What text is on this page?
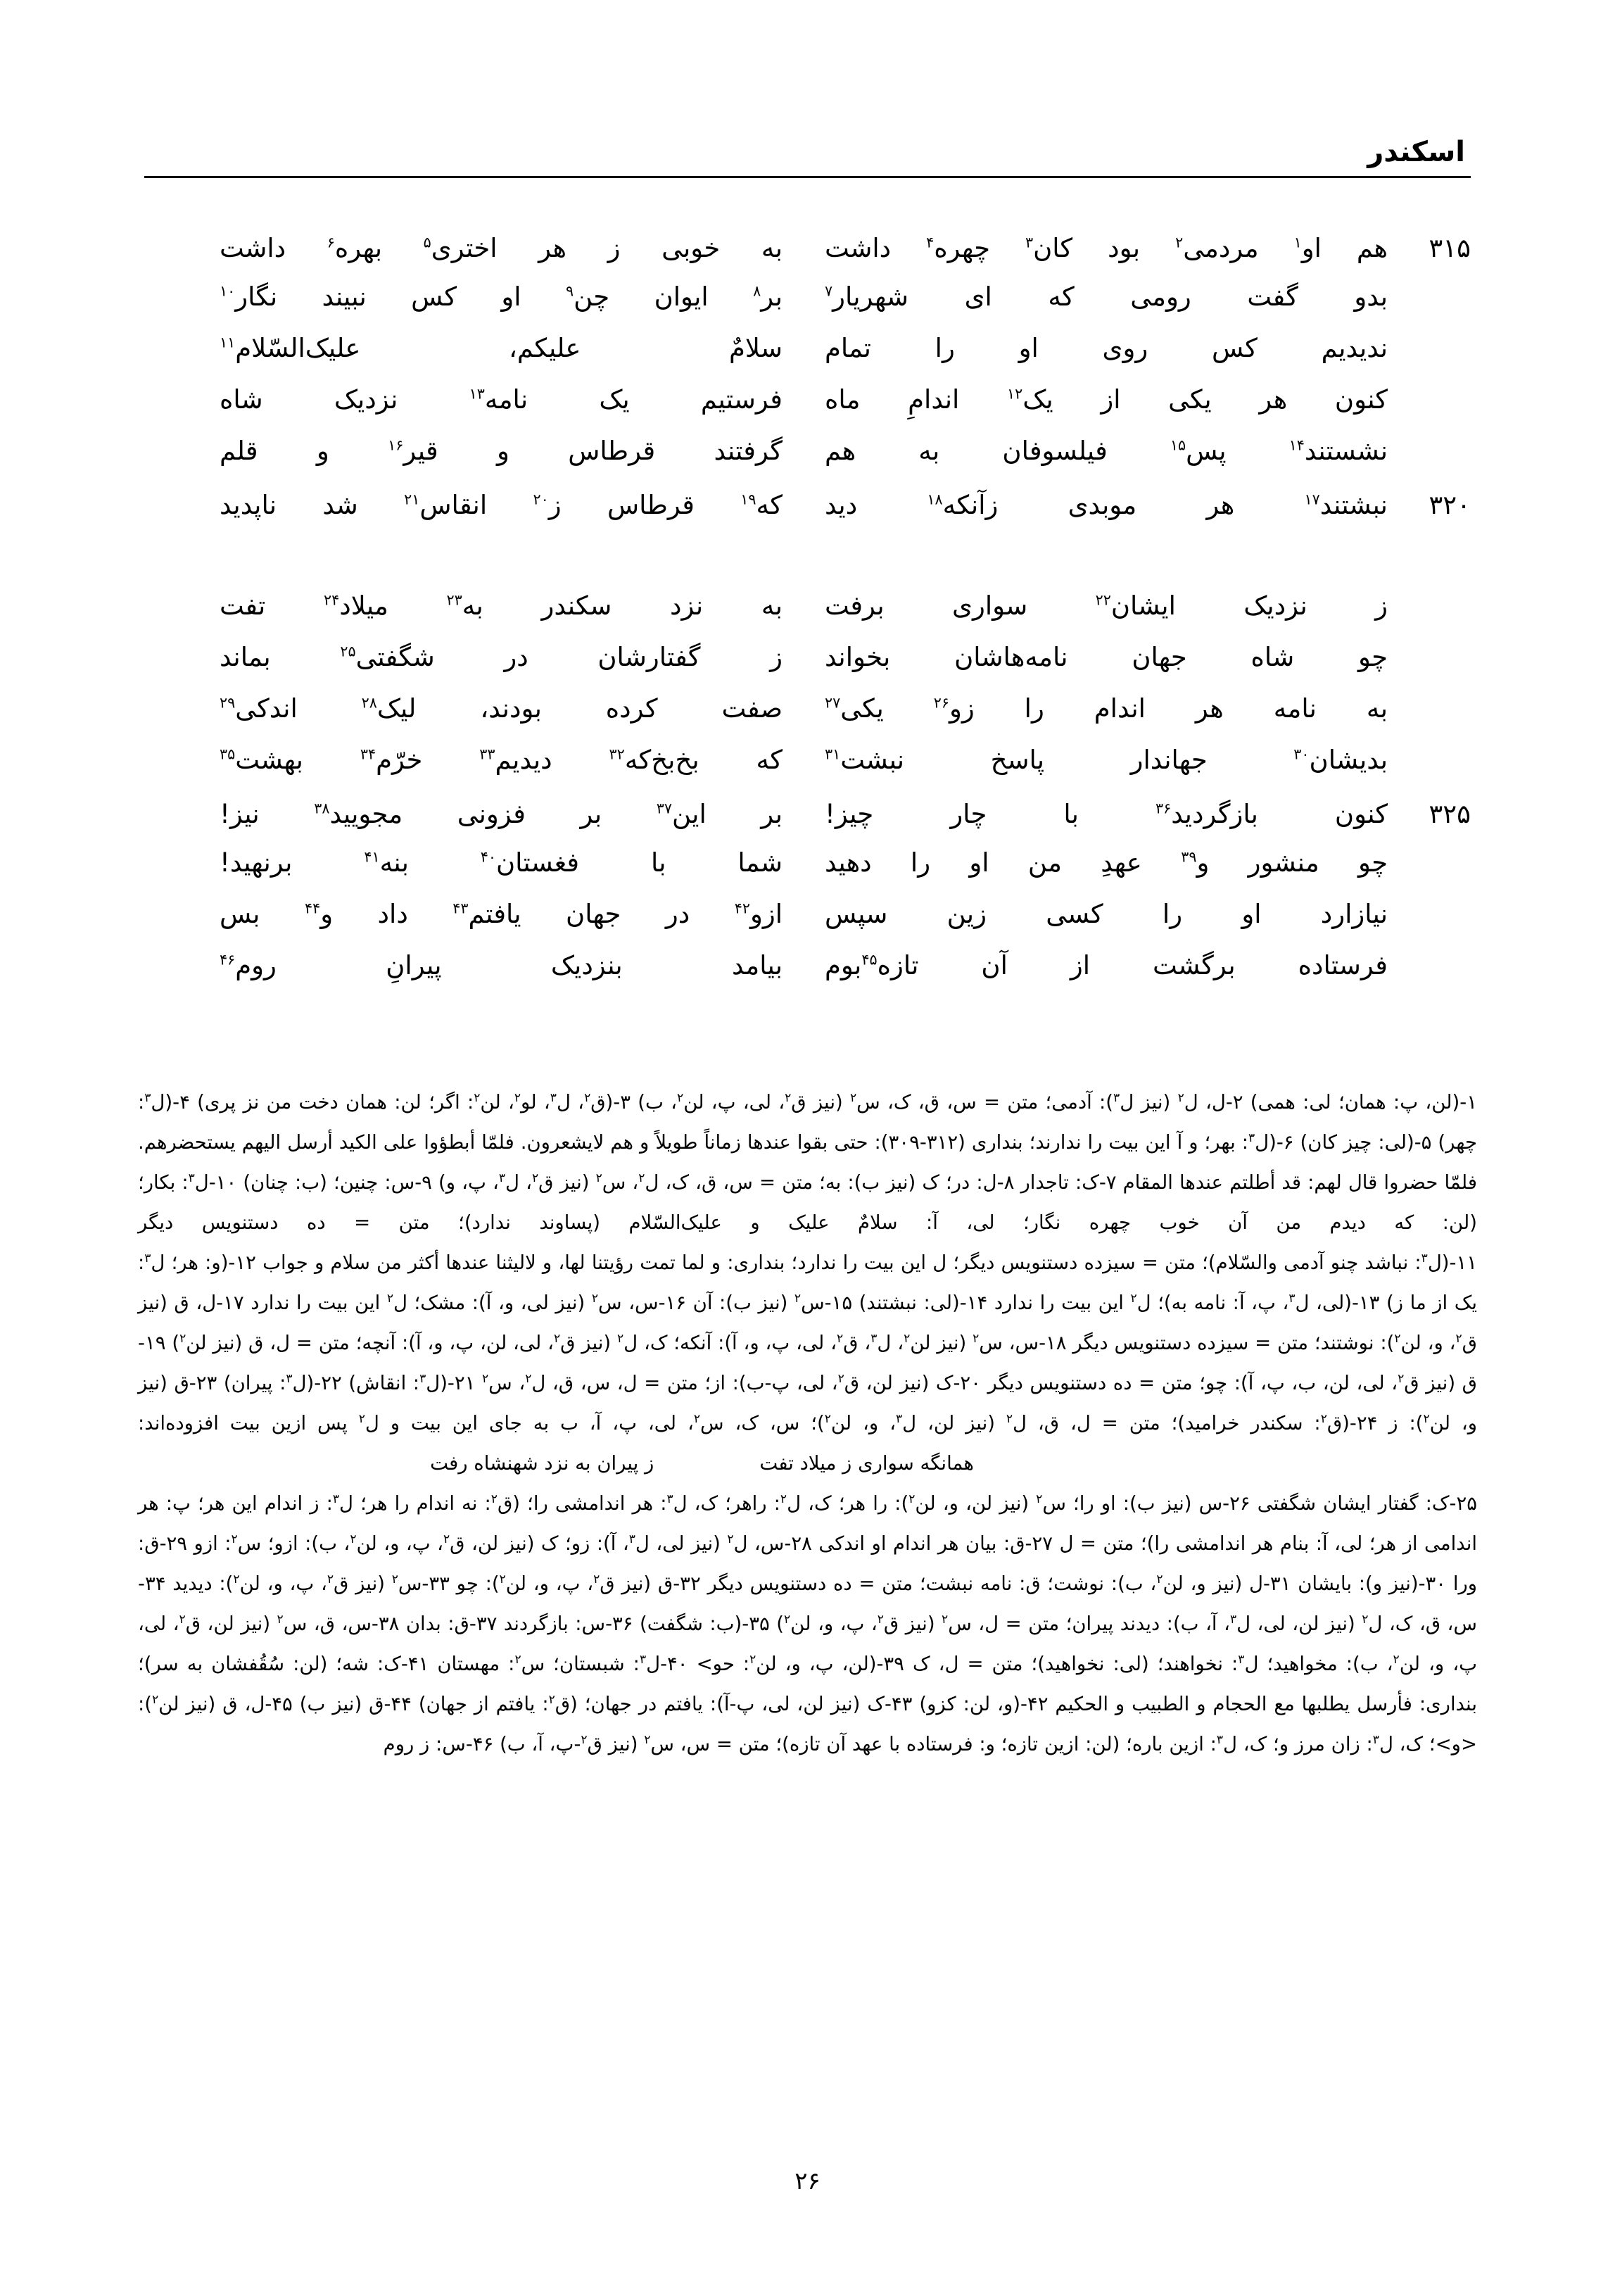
اسکندر
۳۱۵
هم او$^۱$ مردمی$^۲$ بود کان$^۳$ چهره$^۴$ داشت
به خوبی ز هر اختری$^۵$ بهره$^۶$ داشت
بدو گفت رومی که ای شهریار$^۷$
بر$^۸$ ایوان چن$^۹$ او کس نبیند نگار$^{۱۰}$
ندیدیم کس روی او را تمام
سلامٌ علیکم، علیک‌السّلام$^{۱۱}$
کنون هر یکی از یک$^{۱۲}$ اندامِ ماه
فرستیم یک نامه$^{۱۳}$ نزدیک شاه
نشستند$^{۱۴}$ پس$^{۱۵}$ فیلسوفان به هم
گرفتند قرطاس و قیر$^{۱۶}$ و قلم
۳۲۰
نبشتند$^{۱۷}$ هر موبدی زآنکه$^{۱۸}$ دید
که$^{۱۹}$ قرطاس ز$^{۲۰}$ انقاس$^{۲۱}$ شد ناپدید
ز نزدیک ایشان$^{۲۲}$ سواری برفت
به نزد سکندر به$^{۲۳}$ میلاد$^{۲۴}$ تفت
چو شاه جهان نامه‌هاشان بخواند
ز گفتارشان در شگفتی$^{۲۵}$ بماند
به نامه هر اندام را ز‌و$^{۲۶}$ یکی$^{۲۷}$
صفت کرده بودند، لیک$^{۲۸}$ اندکی$^{۲۹}$
بدیشان$^{۳۰}$ جهاندار پاسخ نبشت$^{۳۱}$
که بخ‌بخ‌که$^{۳۲}$ دیدیم$^{۳۳}$ خرّم$^{۳۴}$ بهشت$^{۳۵}$
۳۲۵
کنون بازگردید$^{۳۶}$ با چار چیز!
بر این$^{۳۷}$ بر فزونی مجویید$^{۳۸}$ نیز!
چو منشور و$^{۳۹}$ عهدِ من او را دهید
شما با فغستان$^{۴۰}$ بنه$^{۴۱}$ برنهید!
نیازارد او را کسی زین سپس
ازو$^{۴۲}$ در جهان یافتم$^{۴۳}$ داد و$^{۴۴}$ بس
فرستاده برگشت از آن تازه$^{۴۵}$بوم
بیامد بنزدیک پیرانِ روم$^{۴۶}$

۱-(لن، پ: همان؛ لی: همی) ۲-ل، ل$^۲$ (نیز ل$^۳$): آدمی؛ متن = س، ق، ک، س$^۲$ (نیز ق$^۲$، لی، پ، لن$^۲$، ب) ۳-(ق$^۲$، ل$^۳$، لو$^۲$، لن$^۲$: اگر؛ لن: همان دخت من نز پری) ۴-(ل$^۳$: چهر) ۵-(لی: چیز کان) ۶-(ل$^۳$: بهر؛ و آ این بیت را ندارند؛ بنداری (۳۱۲-۳۰۹): حتی بقوا عندها زماناً طویلاً و هم لایشعرون. فلمّا أبطؤوا علی الکید أرسل الیهم یستحضرهم. فلمّا حضروا قال لهم: قد أطلتم عندها المقام ۷-ک: تاجدار ۸-ل: در؛ ک (نیز ب): به؛ متن = س، ق، ک، ل$^۲$، س$^۲$ (نیز ق$^۲$، ل$^۳$، پ، و) ۹-س: چنین؛ (ب: چنان) ۱۰-ل$^۳$: بکار؛ (لن: که دیدم من آن خوب چهره نگار؛ لی، آ: سلامٌ علیک و علیک‌السّلام (پساوند ندارد)؛ متن = ده دستنویس دیگر

۱۱-(ل$^۳$: نباشد چنو آدمی والسّلام)؛ متن = سیزده دستنویس دیگر؛ ل این بیت را ندارد؛ بنداری: و لما تمت رؤیتنا لها، و لالیثنا عندها أکثر من سلام و جواب ۱۲-(و: هر؛ ل$^۳$: یک از ما ز) ۱۳-(لی، ل$^۳$، پ، آ: نامه به)؛ ل$^۲$ این بیت را ندارد ۱۴-(لی: نبشتند) ۱۵-س$^۲$ (نیز ب): آن ۱۶-س، س$^۲$ (نیز لی، و، آ): مشک؛ ل$^۲$ این بیت را ندارد ۱۷-ل، ق (نیز ق$^۲$، و، لن$^۲$): نوشتند؛ متن = سیزده دستنویس دیگر ۱۸-س، س$^۲$ (نیز لن$^۲$، ل$^۳$، ق$^۲$، لی، پ، و، آ): آنکه؛ ک، ل$^۲$ (نیز ق$^۲$، لی، لن، پ، و، آ): آنچه؛ متن = ل، ق (نیز لن$^۲$) ۱۹-ق (نیز ق$^۲$، لی، لن، ب، پ، آ): چو؛ متن = ده دستنویس دیگر ۲۰-ک (نیز لن، ق$^۲$، لی، پ-ب): از؛ متن = ل، س، ق، ل$^۲$، س$^۲$ ۲۱-(ل$^۳$: انقاش) ۲۲-(ل$^۳$: پیران) ۲۳-ق (نیز و، لن$^۲$): ز ۲۴-(ق$^۲$: سکندر خرامید)؛ متن = ل، ق، ل$^۲$ (نیز لن، ل$^۳$، و، لن$^۲$)؛ س، ک، س$^۲$، لی، پ، آ، ب به جای این بیت و ل$^۲$ پس ازین بیت افزوده‌اند:

همانگه سواری ز میلاد تفت
ز پیران به نزد شهنشاه رفت

۲۵-ک: گفتار ایشان شگفتی ۲۶-س (نیز ب): او را؛ س$^۲$ (نیز لن، و، لن$^۲$): را هر؛ ک، ل$^۲$: راهر؛ ک، ل$^۳$: هر اندامشی را؛ (ق$^۲$: نه اندام را هر؛ ل$^۳$: ز اندام این هر؛ پ: هر اندامی از هر؛ لی، آ: بنام هر اندامشی را)؛ متن = ل ۲۷-ق: بیان هر اندام او اندکی ۲۸-س، ل$^۲$ (نیز لی، ل$^۳$، آ): زو؛ ک (نیز لن، ق$^۲$، پ، و، لن$^۲$، ب): ازو؛ س$^۲$: ازو ۲۹-ق: ورا ۳۰-(نیز و): بایشان ۳۱-ل (نیز و، لن$^۲$، ب): نوشت؛ ق: نامه نبشت؛ متن = ده دستنویس دیگر ۳۲-ق (نیز ق$^۲$، پ، و، لن$^۲$): چو ۳۳-س$^۲$ (نیز ق$^۲$، پ، و، لن$^۲$): دیدید ۳۴-س، ق، ک، ل$^۲$ (نیز لن، لی، ل$^۳$، آ، ب): دیدند پیران؛ متن = ل، س$^۲$ (نیز ق$^۲$، پ، و، لن$^۲$) ۳۵-(ب: شگفت) ۳۶-س: بازگردند ۳۷-ق: بدان ۳۸-س، ق، س$^۲$ (نیز لن، ق$^۲$، لی، پ، و، لن$^۲$، ب): مخواهید؛ ل$^۳$: نخواهند؛ (لی: نخواهید)؛ متن = ل، ک ۳۹-(لن، پ، و، لن$^۲$: حو> ۴۰-ل$^۳$: شبستان؛ س$^۲$: مهستان ۴۱-ک: شه؛ (لن: سُقُفشان به سر)؛ بنداری: فأرسل یطلبها مع الحجام و الطبیب و الحکیم ۴۲-(و، لن: کزو) ۴۳-ک (نیز لن، لی، پ-آ): یافتم در جهان؛ (ق$^۲$: یافتم از جهان) ۴۴-ق (نیز ب) ۴۵-ل، ق (نیز لن$^۲$): <و>؛ ک، ل$^۳$: زان مرز و؛ ک، ل$^۳$: ازین باره؛ (لن: ازین تازه؛ و: فرستاده با عهد آن تازه)؛ متن = س، س$^۲$ (نیز ق$^۲$-پ، آ، ب) ۴۶-س: ز روم

۲۶
